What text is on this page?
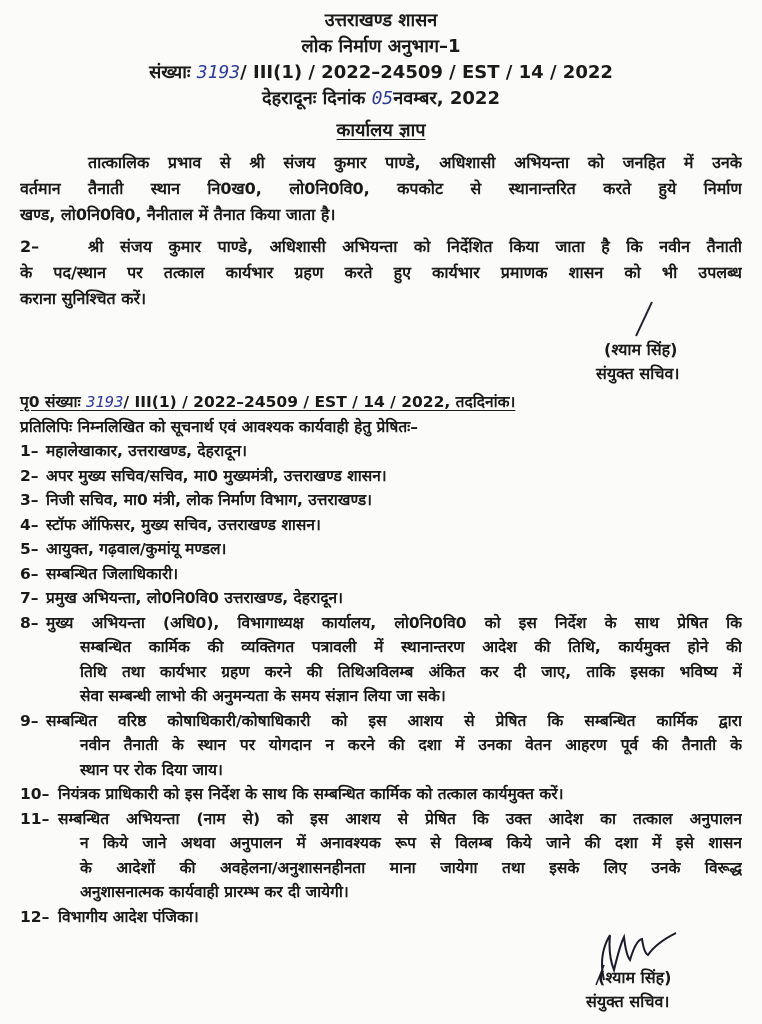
उत्तराखण्ड शासन
लोक निर्माण अनुभाग–1
संख्याः 3193/ III(1) / 2022–24509 / EST / 14 / 2022
देहरादूनः दिनांक 05नवम्बर, 2022
कार्यालय ज्ञाप
तात्कालिक प्रभाव से श्री संजय कुमार पाण्डे, अधिशासी अभियन्ता को जनहित में उनके
वर्तमान तैनाती स्थान नि0ख0, लो0नि0वि0, कपकोट से स्थानान्तरित करते हुये निर्माण
खण्ड, लो0नि0वि0, नैनीताल में तैनात किया जाता है।
2–	श्री संजय कुमार पाण्डे, अधिशासी अभियन्ता को निर्देशित किया जाता है कि नवीन तैनाती
के पद/स्थान पर तत्काल कार्यभार ग्रहण करते हुए कार्यभार प्रमाणक शासन को भी उपलब्ध
कराना सुनिश्चित करें।
(श्याम सिंह)
संयुक्त सचिव।
पृ0 संख्याः 3193/ III(1) / 2022–24509 / EST / 14 / 2022, तददिनांक।
प्रतिलिपिः निम्नलिखित को सूचनार्थ एवं आवश्यक कार्यवाही हेतु प्रेषितः–
1– महालेखाकार, उत्तराखण्ड, देहरादून।
2– अपर मुख्य सचिव/सचिव, मा0 मुख्यमंत्री, उत्तराखण्ड शासन।
3– निजी सचिव, मा0 मंत्री, लोक निर्माण विभाग, उत्तराखण्ड।
4– स्टॉफ ऑफिसर, मुख्य सचिव, उत्तराखण्ड शासन।
5– आयुक्त, गढ़वाल/कुमांयू मण्डल।
6– सम्बन्धित जिलाधिकारी।
7– प्रमुख अभियन्ता, लो0नि0वि0 उत्तराखण्ड, देहरादून।
8– मुख्य अभियन्ता (अधि0), विभागाध्यक्ष कार्यालय, लो0नि0वि0 को इस निर्देश के साथ प्रेषित कि
सम्बन्धित कार्मिक की व्यक्तिगत पत्रावली में स्थानान्तरण आदेश की तिथि, कार्यमुक्त होने की
तिथि तथा कार्यभार ग्रहण करने की तिथिअविलम्ब अंकित कर दी जाए, ताकि इसका भविष्य में
सेवा सम्बन्धी लाभो की अनुमन्यता के समय संज्ञान लिया जा सके।
9– सम्बन्धित वरिष्ठ कोषाधिकारी/कोषाधिकारी को इस आशय से प्रेषित कि सम्बन्धित कार्मिक द्वारा
नवीन तैनाती के स्थान पर योगदान न करने की दशा में उनका वेतन आहरण पूर्व की तैनाती के
स्थान पर रोक दिया जाय।
10– नियंत्रक प्राधिकारी को इस निर्देश के साथ कि सम्बन्धित कार्मिक को तत्काल कार्यमुक्त करें।
11– सम्बन्धित अभियन्ता (नाम से) को इस आशय से प्रेषित कि उक्त आदेश का तत्काल अनुपालन
न किये जाने अथवा अनुपालन में अनावश्यक रूप से विलम्ब किये जाने की दशा में इसे शासन
के आदेशों की अवहेलना/अनुशासनहीनता माना जायेगा तथा इसके लिए उनके विरूद्ध
अनुशासनात्मक कार्यवाही प्रारम्भ कर दी जायेगी।
12– विभागीय आदेश पंजिका।
(श्याम सिंह)
संयुक्त सचिव।
